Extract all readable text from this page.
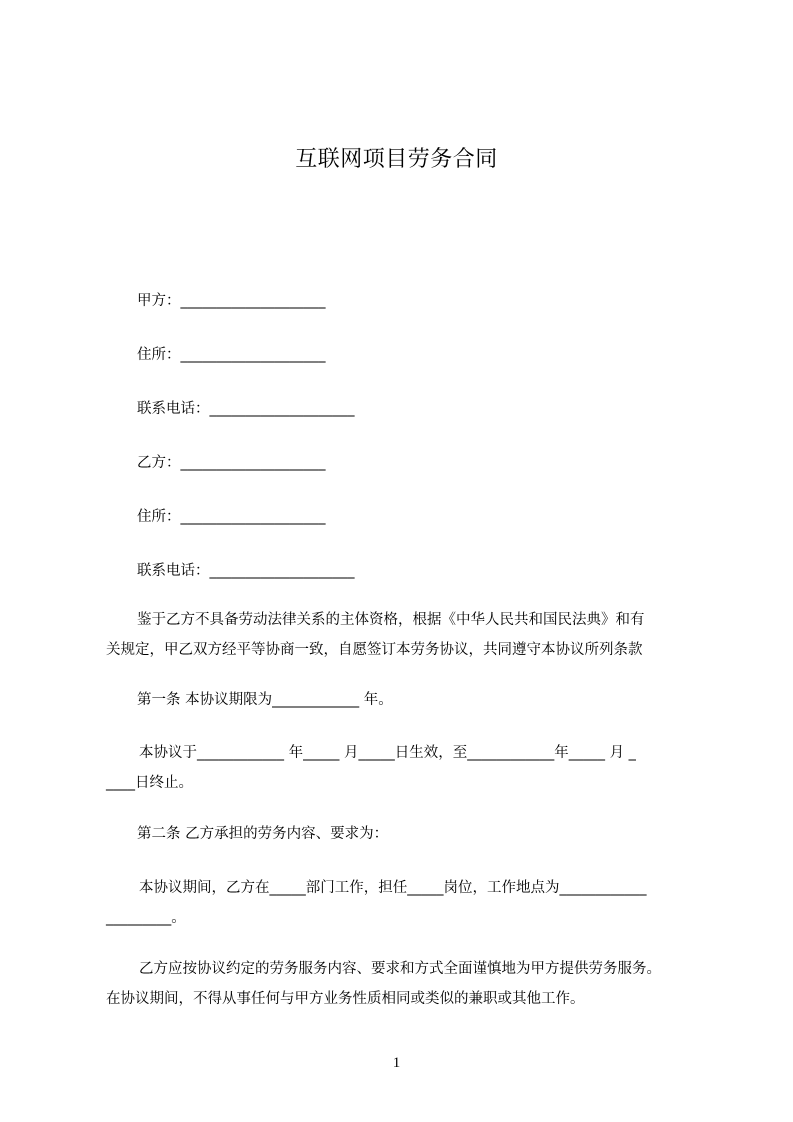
互联网项目劳务合同
甲方：____________________
住所：____________________
联系电话：____________________
乙方：____________________
住所：____________________
联系电话：____________________
鉴于乙方不具备劳动法律关系的主体资格，根据《中华人民共和国民法典》和有
关规定，甲乙双方经平等协商一致，自愿签订本劳务协议，共同遵守本协议所列条款
第一条 本协议期限为____________ 年。
本协议于____________ 年_____ 月_____日生效，至____________年_____ 月 _
____日终止。
第二条 乙方承担的劳务内容、要求为：
本协议期间，乙方在_____部门工作，担任_____岗位，工作地点为____________
_________。
乙方应按协议约定的劳务服务内容、要求和方式全面谨慎地为甲方提供劳务服务。
在协议期间，不得从事任何与甲方业务性质相同或类似的兼职或其他工作。
1
